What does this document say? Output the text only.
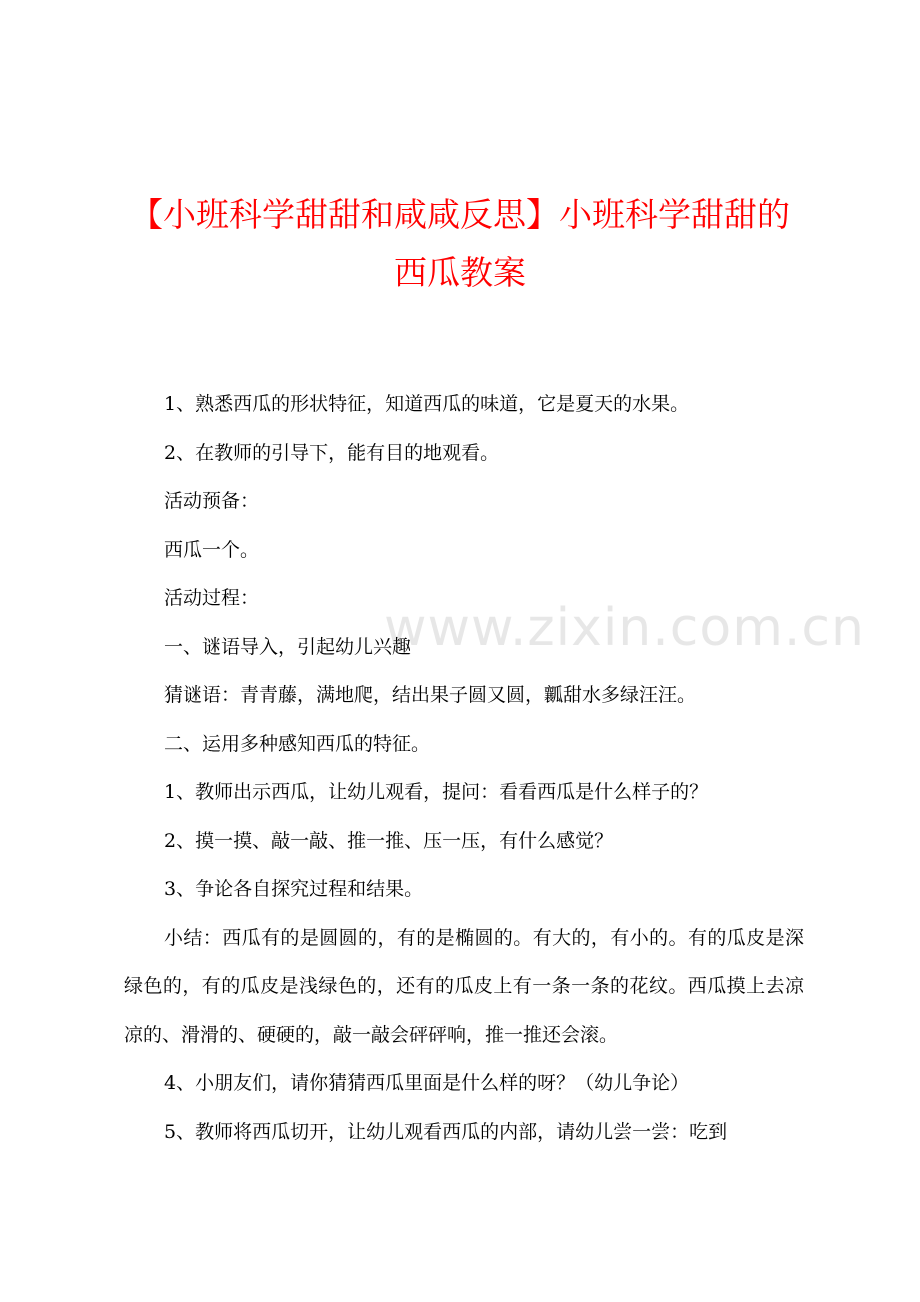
【小班科学甜甜和咸咸反思】小班科学甜甜的
西瓜教案
www.zixin.com.cn

1、熟悉西瓜的形状特征，知道西瓜的味道，它是夏天的水果。

2、在教师的引导下，能有目的地观看。

活动预备：

西瓜一个。

活动过程：

一、谜语导入，引起幼儿兴趣

猜谜语：青青藤，满地爬，结出果子圆又圆，瓤甜水多绿汪汪。

二、运用多种感知西瓜的特征。

1、教师出示西瓜，让幼儿观看，提问：看看西瓜是什么样子的？

2、摸一摸、敲一敲、推一推、压一压，有什么感觉？

3、争论各自探究过程和结果。

小结：西瓜有的是圆圆的，有的是椭圆的。有大的，有小的。有的瓜皮是深绿色的，有的瓜皮是浅绿色的，还有的瓜皮上有一条一条的花纹。西瓜摸上去凉凉的、滑滑的、硬硬的，敲一敲会砰砰响，推一推还会滚。

4、小朋友们，请你猜猜西瓜里面是什么样的呀？（幼儿争论）

5、教师将西瓜切开，让幼儿观看西瓜的内部，请幼儿尝一尝：吃到
